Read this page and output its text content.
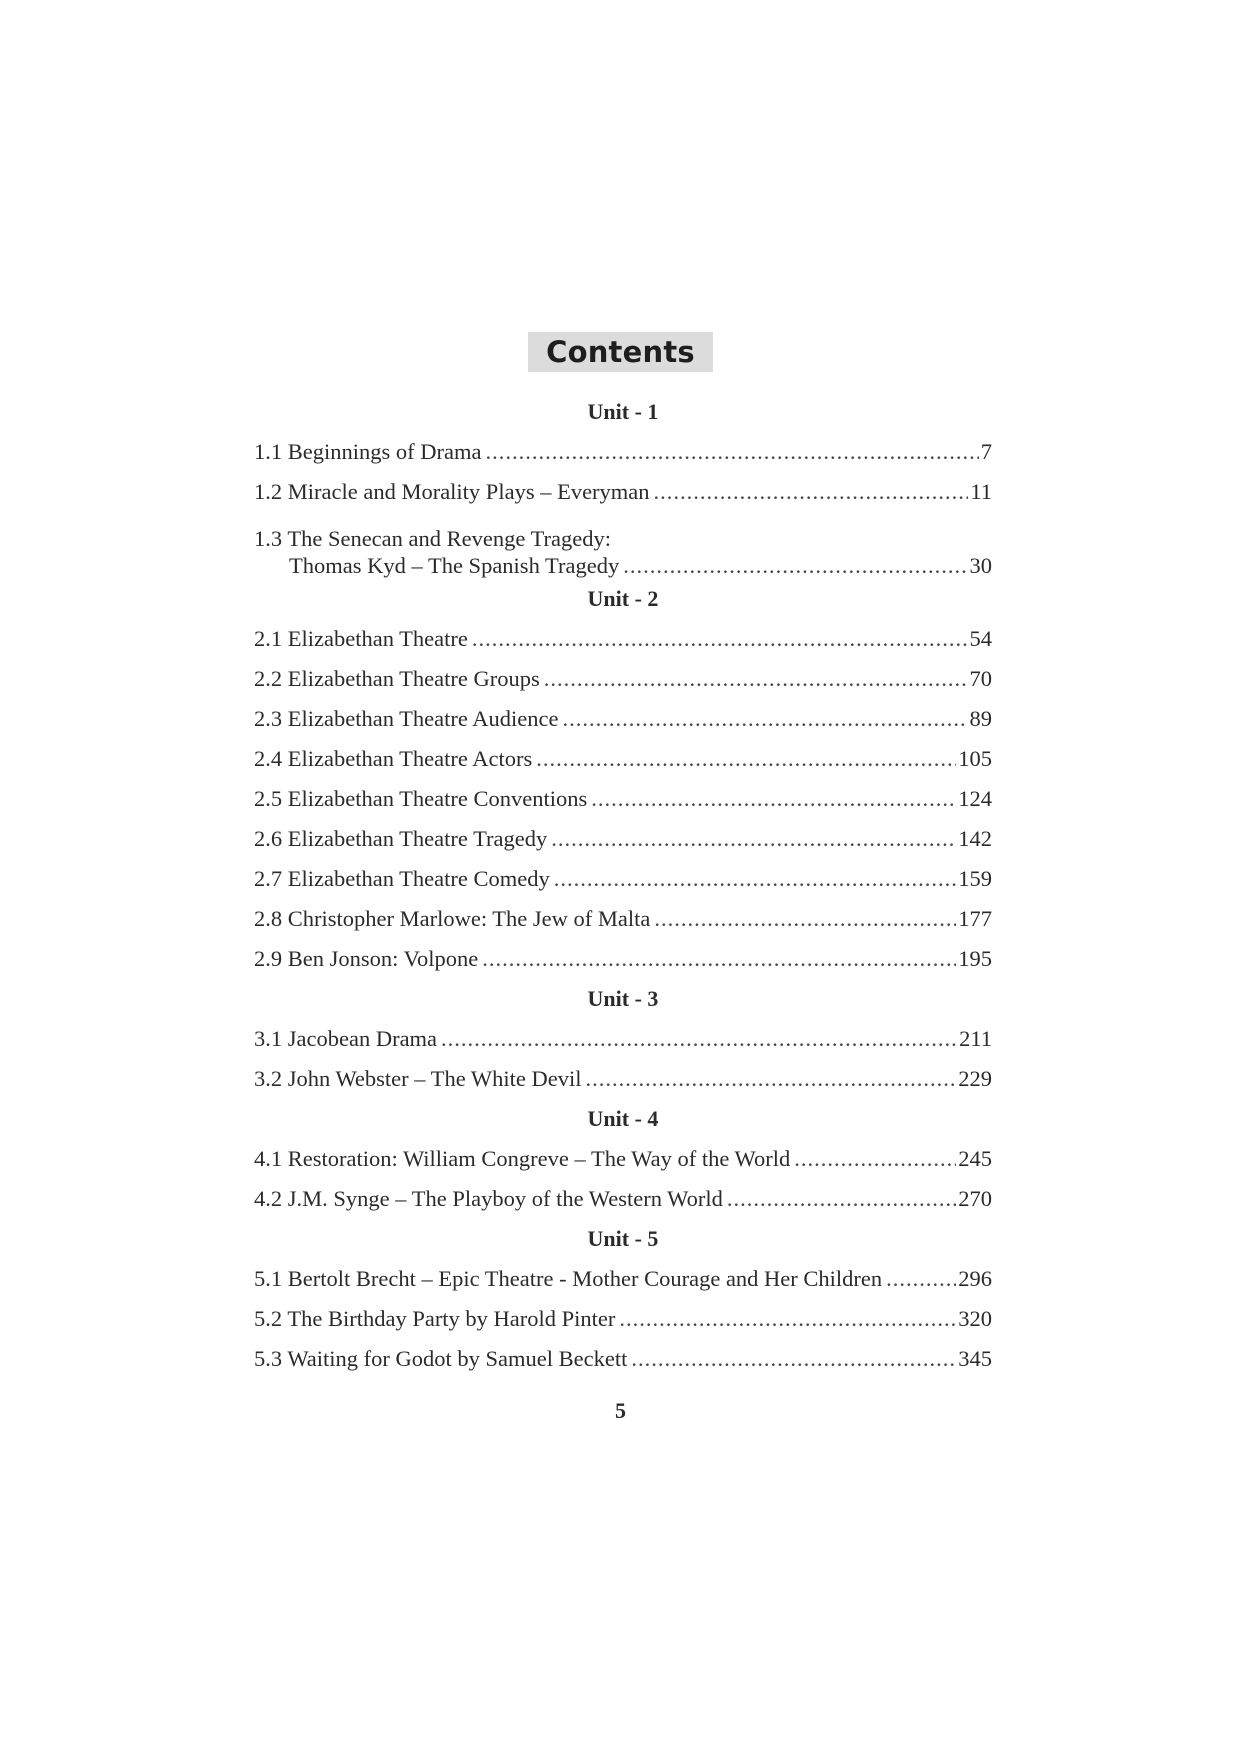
Contents
Unit - 1
1.1 Beginnings of Drama .....	7
1.2 Miracle and Morality Plays – Everyman .....	11
1.3 The Senecan and Revenge Tragedy:
Thomas Kyd – The Spanish Tragedy .....	30
Unit - 2
2.1 Elizabethan Theatre .....	54
2.2 Elizabethan Theatre Groups .....	70
2.3 Elizabethan Theatre Audience .....	89
2.4 Elizabethan Theatre Actors .....	105
2.5 Elizabethan Theatre Conventions .....	124
2.6 Elizabethan Theatre Tragedy .....	142
2.7 Elizabethan Theatre Comedy .....	159
2.8 Christopher Marlowe: The Jew of Malta .....	177
2.9 Ben Jonson: Volpone .....	195
Unit - 3
3.1 Jacobean Drama .....	211
3.2 John Webster – The White Devil .....	229
Unit - 4
4.1 Restoration: William Congreve – The Way of the World .....	245
4.2 J.M. Synge – The Playboy of the Western World .....	270
Unit - 5
5.1 Bertolt Brecht – Epic Theatre - Mother Courage and Her Children .....	296
5.2 The Birthday Party by Harold Pinter .....	320
5.3 Waiting for Godot by Samuel Beckett .....	345
5
